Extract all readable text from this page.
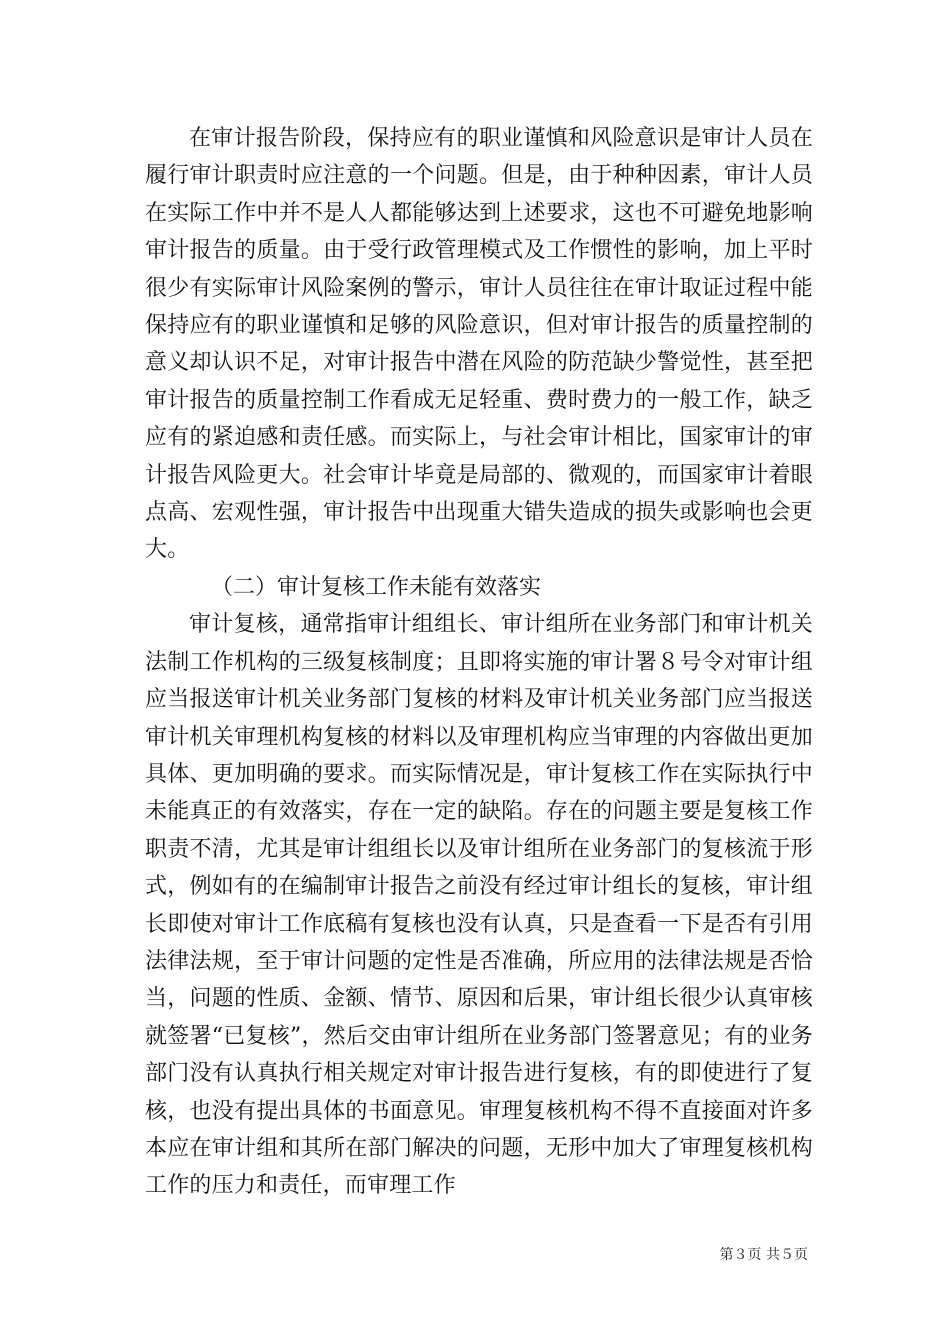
在审计报告阶段，保持应有的职业谨慎和风险意识是审计人员在履行审计职责时应注意的一个问题。但是，由于种种因素，审计人员在实际工作中并不是人人都能够达到上述要求，这也不可避免地影响审计报告的质量。由于受行政管理模式及工作惯性的影响，加上平时很少有实际审计风险案例的警示，审计人员往往在审计取证过程中能保持应有的职业谨慎和足够的风险意识，但对审计报告的质量控制的意义却认识不足，对审计报告中潜在风险的防范缺少警觉性，甚至把审计报告的质量控制工作看成无足轻重、费时费力的一般工作，缺乏应有的紧迫感和责任感。而实际上，与社会审计相比，国家审计的审计报告风险更大。社会审计毕竟是局部的、微观的，而国家审计着眼点高、宏观性强，审计报告中出现重大错失造成的损失或影响也会更大。

（二）审计复核工作未能有效落实

审计复核，通常指审计组组长、审计组所在业务部门和审计机关法制工作机构的三级复核制度；且即将实施的审计署８号令对审计组应当报送审计机关业务部门复核的材料及审计机关业务部门应当报送审计机关审理机构复核的材料以及审理机构应当审理的内容做出更加具体、更加明确的要求。而实际情况是，审计复核工作在实际执行中未能真正的有效落实，存在一定的缺陷。存在的问题主要是复核工作职责不清，尤其是审计组组长以及审计组所在业务部门的复核流于形式，例如有的在编制审计报告之前没有经过审计组长的复核，审计组长即使对审计工作底稿有复核也没有认真，只是查看一下是否有引用法律法规，至于审计问题的定性是否准确，所应用的法律法规是否恰当，问题的性质、金额、情节、原因和后果，审计组长很少认真审核就签署“已复核”，然后交由审计组所在业务部门签署意见；有的业务部门没有认真执行相关规定对审计报告进行复核，有的即使进行了复核，也没有提出具体的书面意见。审理复核机构不得不直接面对许多本应在审计组和其所在部门解决的问题，无形中加大了审理复核机构工作的压力和责任，而审理工作

第３页 共５页
